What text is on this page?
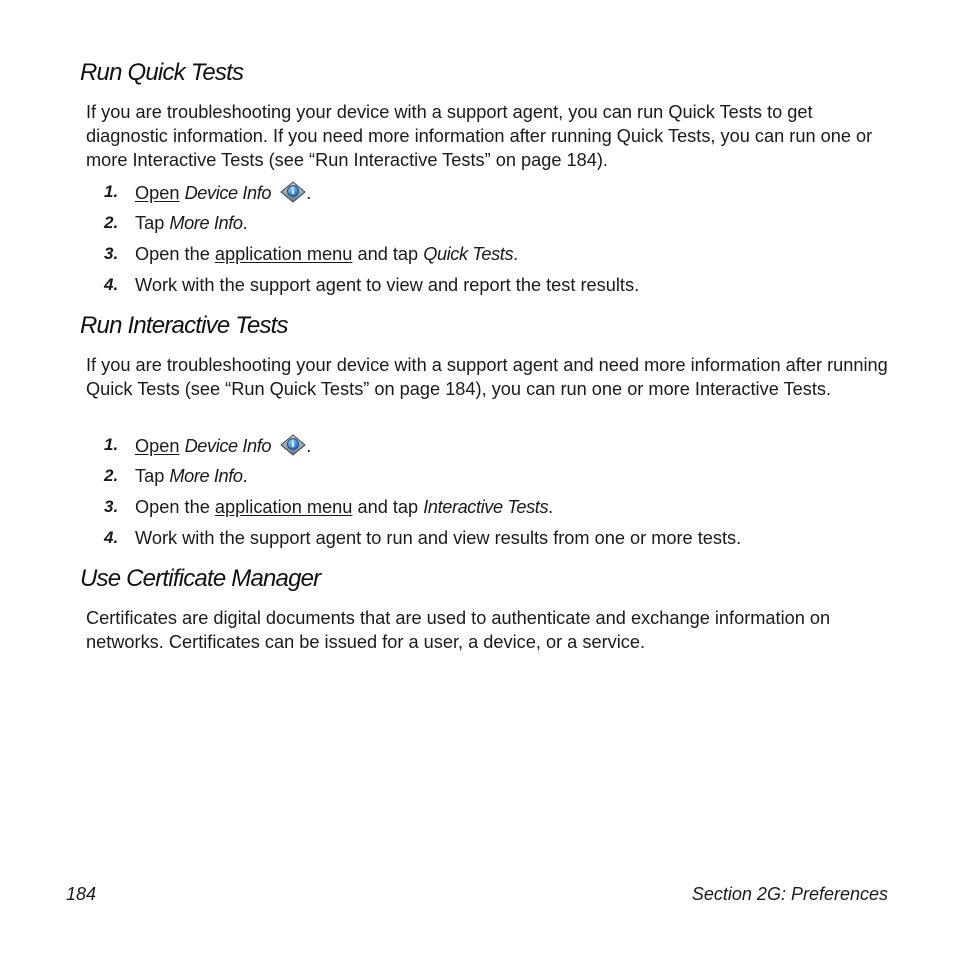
Run Quick Tests

If you are troubleshooting your device with a support agent, you can run Quick Tests to get diagnostic information. If you need more information after running Quick Tests, you can run one or more Interactive Tests (see “Run Interactive Tests” on page 184).

1. Open Device Info .
2. Tap More Info.
3. Open the application menu and tap Quick Tests.
4. Work with the support agent to view and report the test results.
Run Interactive Tests

If you are troubleshooting your device with a support agent and need more information after running Quick Tests (see “Run Quick Tests” on page 184), you can run one or more Interactive Tests.

1. Open Device Info .
2. Tap More Info.
3. Open the application menu and tap Interactive Tests.
4. Work with the support agent to run and view results from one or more tests.
Use Certificate Manager

Certificates are digital documents that are used to authenticate and exchange information on networks. Certificates can be issued for a user, a device, or a service.

184	Section 2G: Preferences
